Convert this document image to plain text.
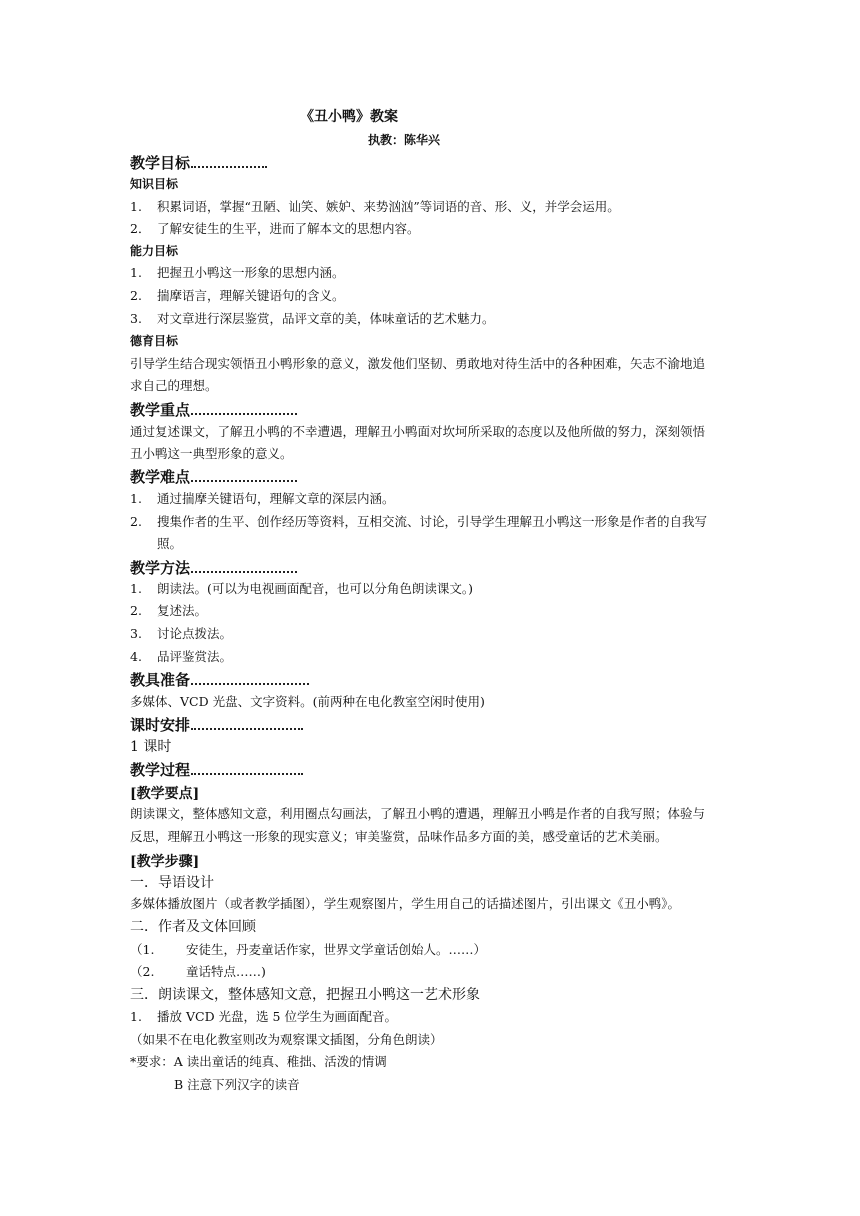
《丑小鸭》教案
执教：陈华兴
教学目标
知识目标
1. 积累词语，掌握“丑陋、讪笑、嫉妒、来势汹汹”等词语的音、形、义，并学会运用。
2． 了解安徒生的生平，进而了解本文的思想内容。
能力目标
1. 把握丑小鸭这一形象的思想内涵。
2. 揣摩语言，理解关键语句的含义。
3. 对文章进行深层鉴赏，品评文章的美，体味童话的艺术魅力。
德育目标
引导学生结合现实领悟丑小鸭形象的意义，激发他们坚韧、勇敢地对待生活中的各种困难，矢志不渝地追
求自己的理想。
教学重点
通过复述课文，了解丑小鸭的不幸遭遇，理解丑小鸭面对坎坷所采取的态度以及他所做的努力，深刻领悟
丑小鸭这一典型形象的意义。
教学难点
1. 通过揣摩关键语句，理解文章的深层内涵。
2. 搜集作者的生平、创作经历等资料，互相交流、讨论，引导学生理解丑小鸭这一形象是作者的自我写
照。
教学方法
1. 朗读法。(可以为电视画面配音，也可以分角色朗读课文。)
2. 复述法。
3. 讨论点拨法。
4. 品评鉴赏法。
教具准备
多媒体、VCD 光盘、文字资料。(前两种在电化教室空闲时使用)
课时安排
1 课时
教学过程
[教学要点]
朗读课文，整体感知文意，利用圈点勾画法，了解丑小鸭的遭遇，理解丑小鸭是作者的自我写照；体验与
反思，理解丑小鸭这一形象的现实意义；审美鉴赏，品味作品多方面的美，感受童话的艺术美丽。
[教学步骤]
一．导语设计
多媒体播放图片（或者教学插图），学生观察图片，学生用自己的话描述图片，引出课文《丑小鸭》。
二．作者及文体回顾
（1.	安徒生，丹麦童话作家，世界文学童话创始人。……）
（2.	童话特点……)
三．朗读课文，整体感知文意，把握丑小鸭这一艺术形象
1. 播放 VCD 光盘，选 5 位学生为画面配音。
（如果不在电化教室则改为观察课文插图，分角色朗读）
*要求：A 读出童话的纯真、稚拙、活泼的情调
B 注意下列汉字的读音
